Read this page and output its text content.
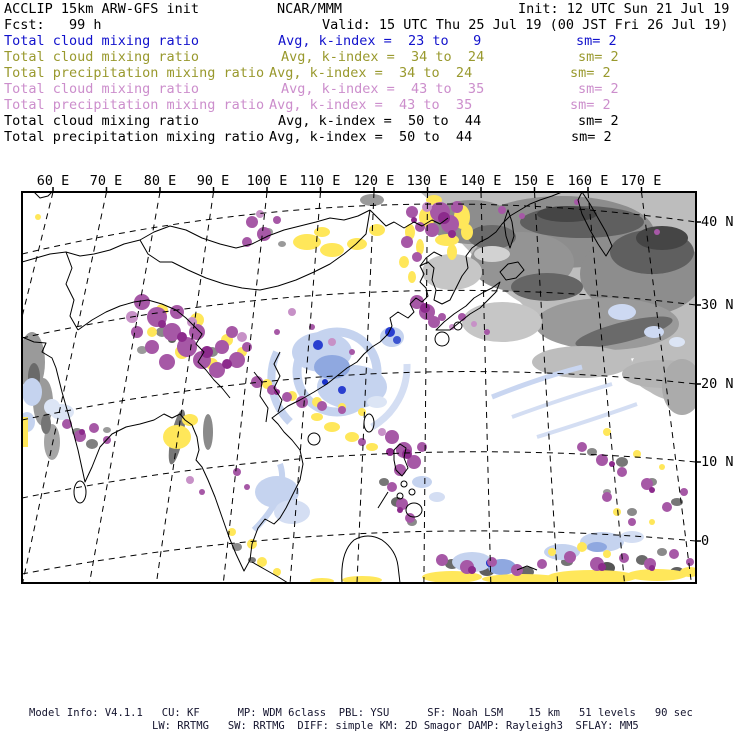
ACCLIP 15km ARW-GFS init

	NCAR/MMM

	Init: 12 UTC Sun 21 Jul 19

Fcst:   99 h

	Valid: 15 UTC Thu 25 Jul 19 (00 JST Fri 26 Jul 19)

Total cloud mixing ratio

	Avg, k-index =  23 to   9

	sm= 2

Total cloud mixing ratio

	Avg, k-index =  34 to  24

	sm= 2

Total precipitation mixing ratio

Avg, k-index =  34 to  24

	sm= 2

Total cloud mixing ratio

	Avg, k-index =  43 to  35

	sm= 2

Total precipitation mixing ratio

Avg, k-index =  43 to  35

	sm= 2

Total cloud mixing ratio

	Avg, k-index =  50 to  44

	sm= 2

Total precipitation mixing ratio

Avg, k-index =  50 to  44

	sm= 2

60 E 70 E 80 E 90 E 100 E 110 E 120 E 130 E 140 E 150 E 160 E 170 E
40 N
30 N
20 N
10 N
0
Model Info: V4.1.1   CU: KF      MP: WDM 6class  PBL: YSU      SF: Noah LSM    15 km   51 levels   90 sec
LW: RRTMG   SW: RRTMG  DIFF: simple KM: 2D Smagor DAMP: Rayleigh3  SFLAY: MM5
